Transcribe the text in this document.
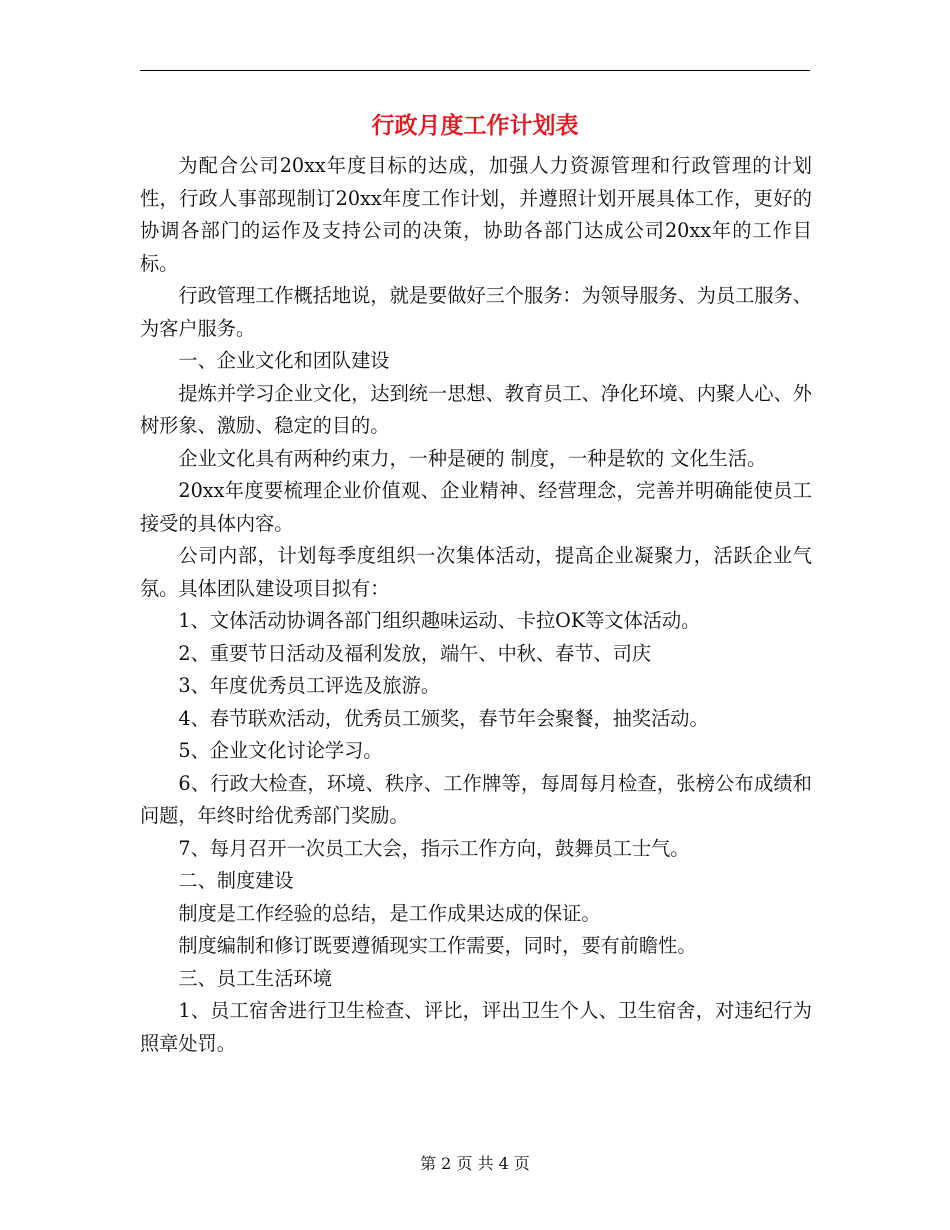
行政月度工作计划表

为配合公司20xx年度目标的达成，加强人力资源管理和行政管理的计划性，行政人事部现制订20xx年度工作计划，并遵照计划开展具体工作，更好的协调各部门的运作及支持公司的决策，协助各部门达成公司20xx年的工作目标。

行政管理工作概括地说，就是要做好三个服务：为领导服务、为员工服务、为客户服务。

一、企业文化和团队建设

提炼并学习企业文化，达到统一思想、教育员工、净化环境、内聚人心、外树形象、激励、稳定的目的。

企业文化具有两种约束力，一种是硬的 制度，一种是软的 文化生活。

20xx年度要梳理企业价值观、企业精神、经营理念，完善并明确能使员工接受的具体内容。

公司内部，计划每季度组织一次集体活动，提高企业凝聚力，活跃企业气氛。具体团队建设项目拟有：

1、文体活动协调各部门组织趣味运动、卡拉OK等文体活动。

2、重要节日活动及福利发放，端午、中秋、春节、司庆

3、年度优秀员工评选及旅游。

4、春节联欢活动，优秀员工颁奖，春节年会聚餐，抽奖活动。

5、企业文化讨论学习。

6、行政大检查，环境、秩序、工作牌等，每周每月检查，张榜公布成绩和问题，年终时给优秀部门奖励。

7、每月召开一次员工大会，指示工作方向，鼓舞员工士气。

二、制度建设

制度是工作经验的总结，是工作成果达成的保证。

制度编制和修订既要遵循现实工作需要，同时，要有前瞻性。

三、员工生活环境

1、员工宿舍进行卫生检查、评比，评出卫生个人、卫生宿舍，对违纪行为照章处罚。

第 2 页 共 4 页
